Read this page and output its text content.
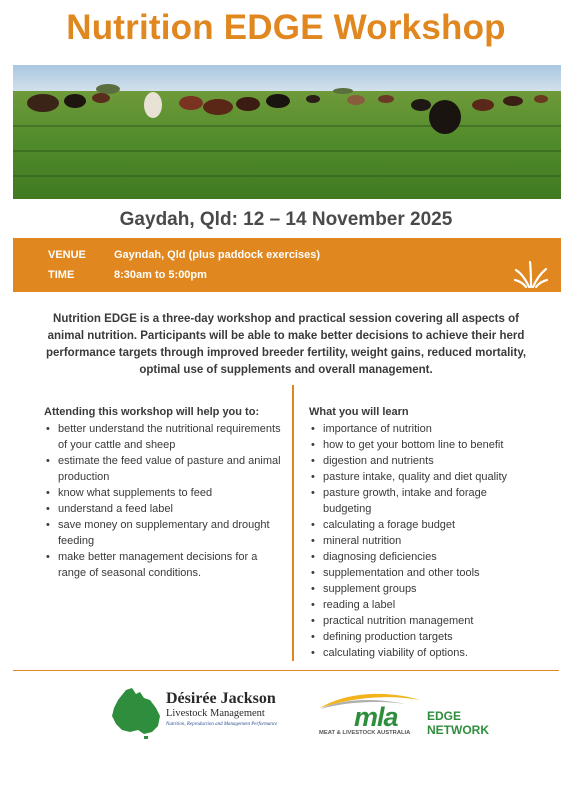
Nutrition EDGE Workshop
Gaydah, Qld: 12 – 14 November 2025
VENUE	Gayndah, Qld (plus paddock exercises)
TIME	8:30am to 5:00pm
Nutrition EDGE is a three-day workshop and practical session covering all aspects of animal nutrition. Participants will be able to make better decisions to achieve their herd performance targets through improved breeder fertility, weight gains, reduced mortality, optimal use of supplements and overall management.
Attending this workshop will help you to:
• better understand the nutritional requirements of your cattle and sheep
• estimate the feed value of pasture and animal production
• know what supplements to feed
• understand a feed label
• save money on supplementary and drought feeding
• make better management decisions for a range of seasonal conditions.
What you will learn
• importance of nutrition
• how to get your bottom line to benefit
• digestion and nutrients
• pasture intake, quality and diet quality
• pasture growth, intake and forage budgeting
• calculating a forage budget
• mineral nutrition
• diagnosing deficiencies
• supplementation and other tools
• supplement groups
• reading a label
• practical nutrition management
• defining production targets
• calculating viability of options.
Désirée Jackson
Livestock Management
Nutrition, Reproduction and Management Performance	mla
MEAT & LIVESTOCK AUSTRALIA
EDGE
NETWORK
